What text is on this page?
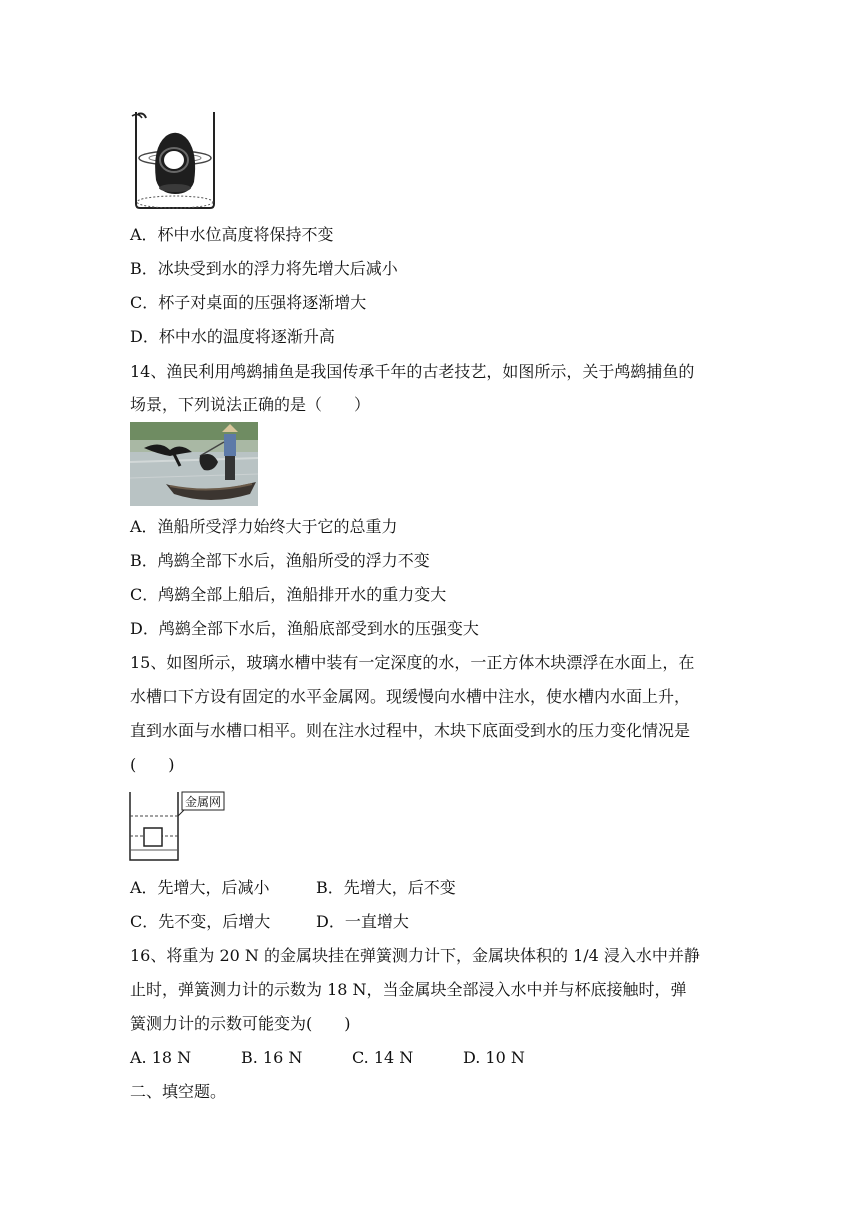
A．杯中水位高度将保持不变
B．冰块受到水的浮力将先增大后减小
C．杯子对桌面的压强将逐渐增大
D．杯中水的温度将逐渐升高
14、渔民利用鸬鹚捕鱼是我国传承千年的古老技艺，如图所示，关于鸬鹚捕鱼的
场景，下列说法正确的是（　　）
A．渔船所受浮力始终大于它的总重力
B．鸬鹚全部下水后，渔船所受的浮力不变
C．鸬鹚全部上船后，渔船排开水的重力变大
D．鸬鹚全部下水后，渔船底部受到水的压强变大
15、如图所示，玻璃水槽中装有一定深度的水，一正方体木块漂浮在水面上，在
水槽口下方设有固定的水平金属网。现缓慢向水槽中注水，使水槽内水面上升，
直到水面与水槽口相平。则在注水过程中，木块下底面受到水的压力变化情况是
(　　)
金属网
A．先增大，后减小	B．先增大，后不变
C．先不变，后增大	D．一直增大
16、将重为 20 N 的金属块挂在弹簧测力计下，金属块体积的 1/4 浸入水中并静
止时，弹簧测力计的示数为 18 N，当金属块全部浸入水中并与杯底接触时，弹
簧测力计的示数可能变为(　　)
A. 18 N	B. 16 N	C. 14 N	D. 10 N
二、填空题。
